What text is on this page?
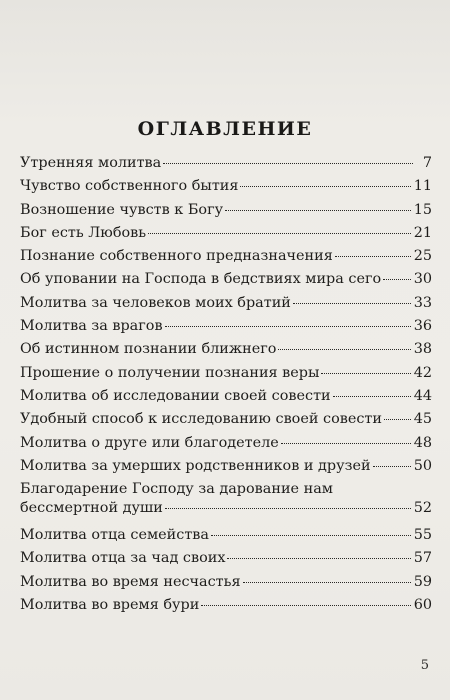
ОГЛАВЛЕНИЕ
Утренняя молитва	7
Чувство собственного бытия	11
Возношение чувств к Богу	15
Бог есть Любовь	21
Познание собственного предназначения	25
Об уповании на Господа в бедствиях мира сего 30
Молитва за человеков моих братий	33
Молитва за врагов	36
Об истинном познании ближнего	38
Прошение о получении познания веры	42
Молитва об исследовании своей совести	44
Удобный способ к исследованию своей совести 45
Молитва о друге или благодетеле	48
Молитва за умерших родственников и друзей	50
Благодарение Господу за дарование нам
бессмертной души	52
Молитва отца семейства	55
Молитва отца за чад своих	57
Молитва во время несчастья	59
Молитва во время бури	60
5
